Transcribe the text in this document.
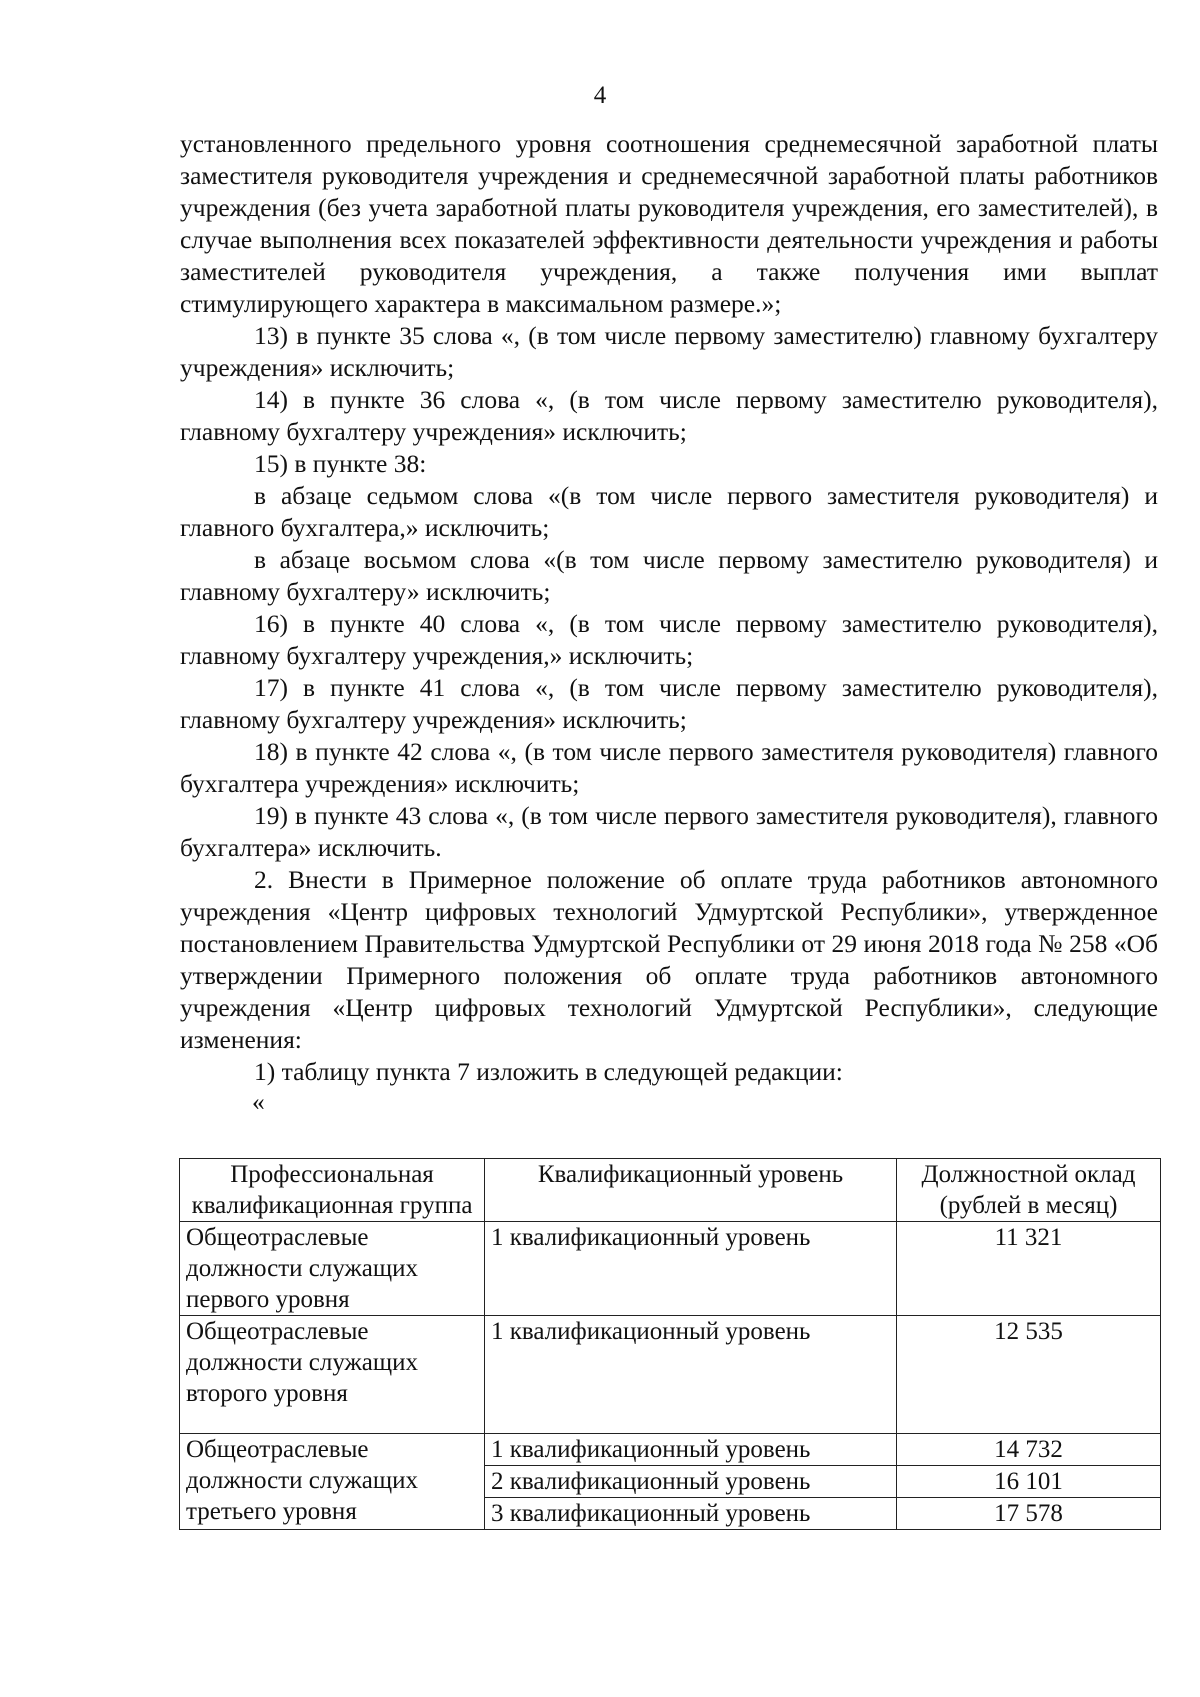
4

установленного предельного уровня соотношения среднемесячной заработной платы заместителя руководителя учреждения и среднемесячной заработной платы работников учреждения (без учета заработной платы руководителя учреждения, его заместителей), в случае выполнения всех показателей эффективности деятельности учреждения и работы заместителей руководителя учреждения, а также получения ими выплат стимулирующего характера в максимальном размере.»;

13) в пункте 35 слова «, (в том числе первому заместителю) главному бухгалтеру учреждения» исключить;

14) в пункте 36 слова «, (в том числе первому заместителю руководителя), главному бухгалтеру учреждения» исключить;

15) в пункте 38:

в абзаце седьмом слова «(в том числе первого заместителя руководителя) и главного бухгалтера,» исключить;

в абзаце восьмом слова «(в том числе первому заместителю руководителя) и главному бухгалтеру» исключить;

16) в пункте 40 слова «, (в том числе первому заместителю руководителя), главному бухгалтеру учреждения,» исключить;

17) в пункте 41 слова «, (в том числе первому заместителю руководителя), главному бухгалтеру учреждения» исключить;

18) в пункте 42 слова «, (в том числе первого заместителя руководителя) главного бухгалтера учреждения» исключить;

19) в пункте 43 слова «, (в том числе первого заместителя руководителя), главного бухгалтера» исключить.

2. Внести в Примерное положение об оплате труда работников автономного учреждения «Центр цифровых технологий Удмуртской Республики», утвержденное постановлением Правительства Удмуртской Республики от 29 июня 2018 года № 258 «Об утверждении Примерного положения об оплате труда работников автономного учреждения «Центр цифровых технологий Удмуртской Республики», следующие изменения:

1) таблицу пункта 7 изложить в следующей редакции:

«

Профессиональная квалификационная группа	Квалификационный уровень	Должностной оклад (рублей в месяц)
Общеотраслевые должности служащих первого уровня	1 квалификационный уровень	11 321
Общеотраслевые должности служащих второго уровня	1 квалификационный уровень	12 535
Общеотраслевые должности служащих третьего уровня	1 квалификационный уровень	14 732
	2 квалификационный уровень	16 101
	3 квалификационный уровень	17 578
